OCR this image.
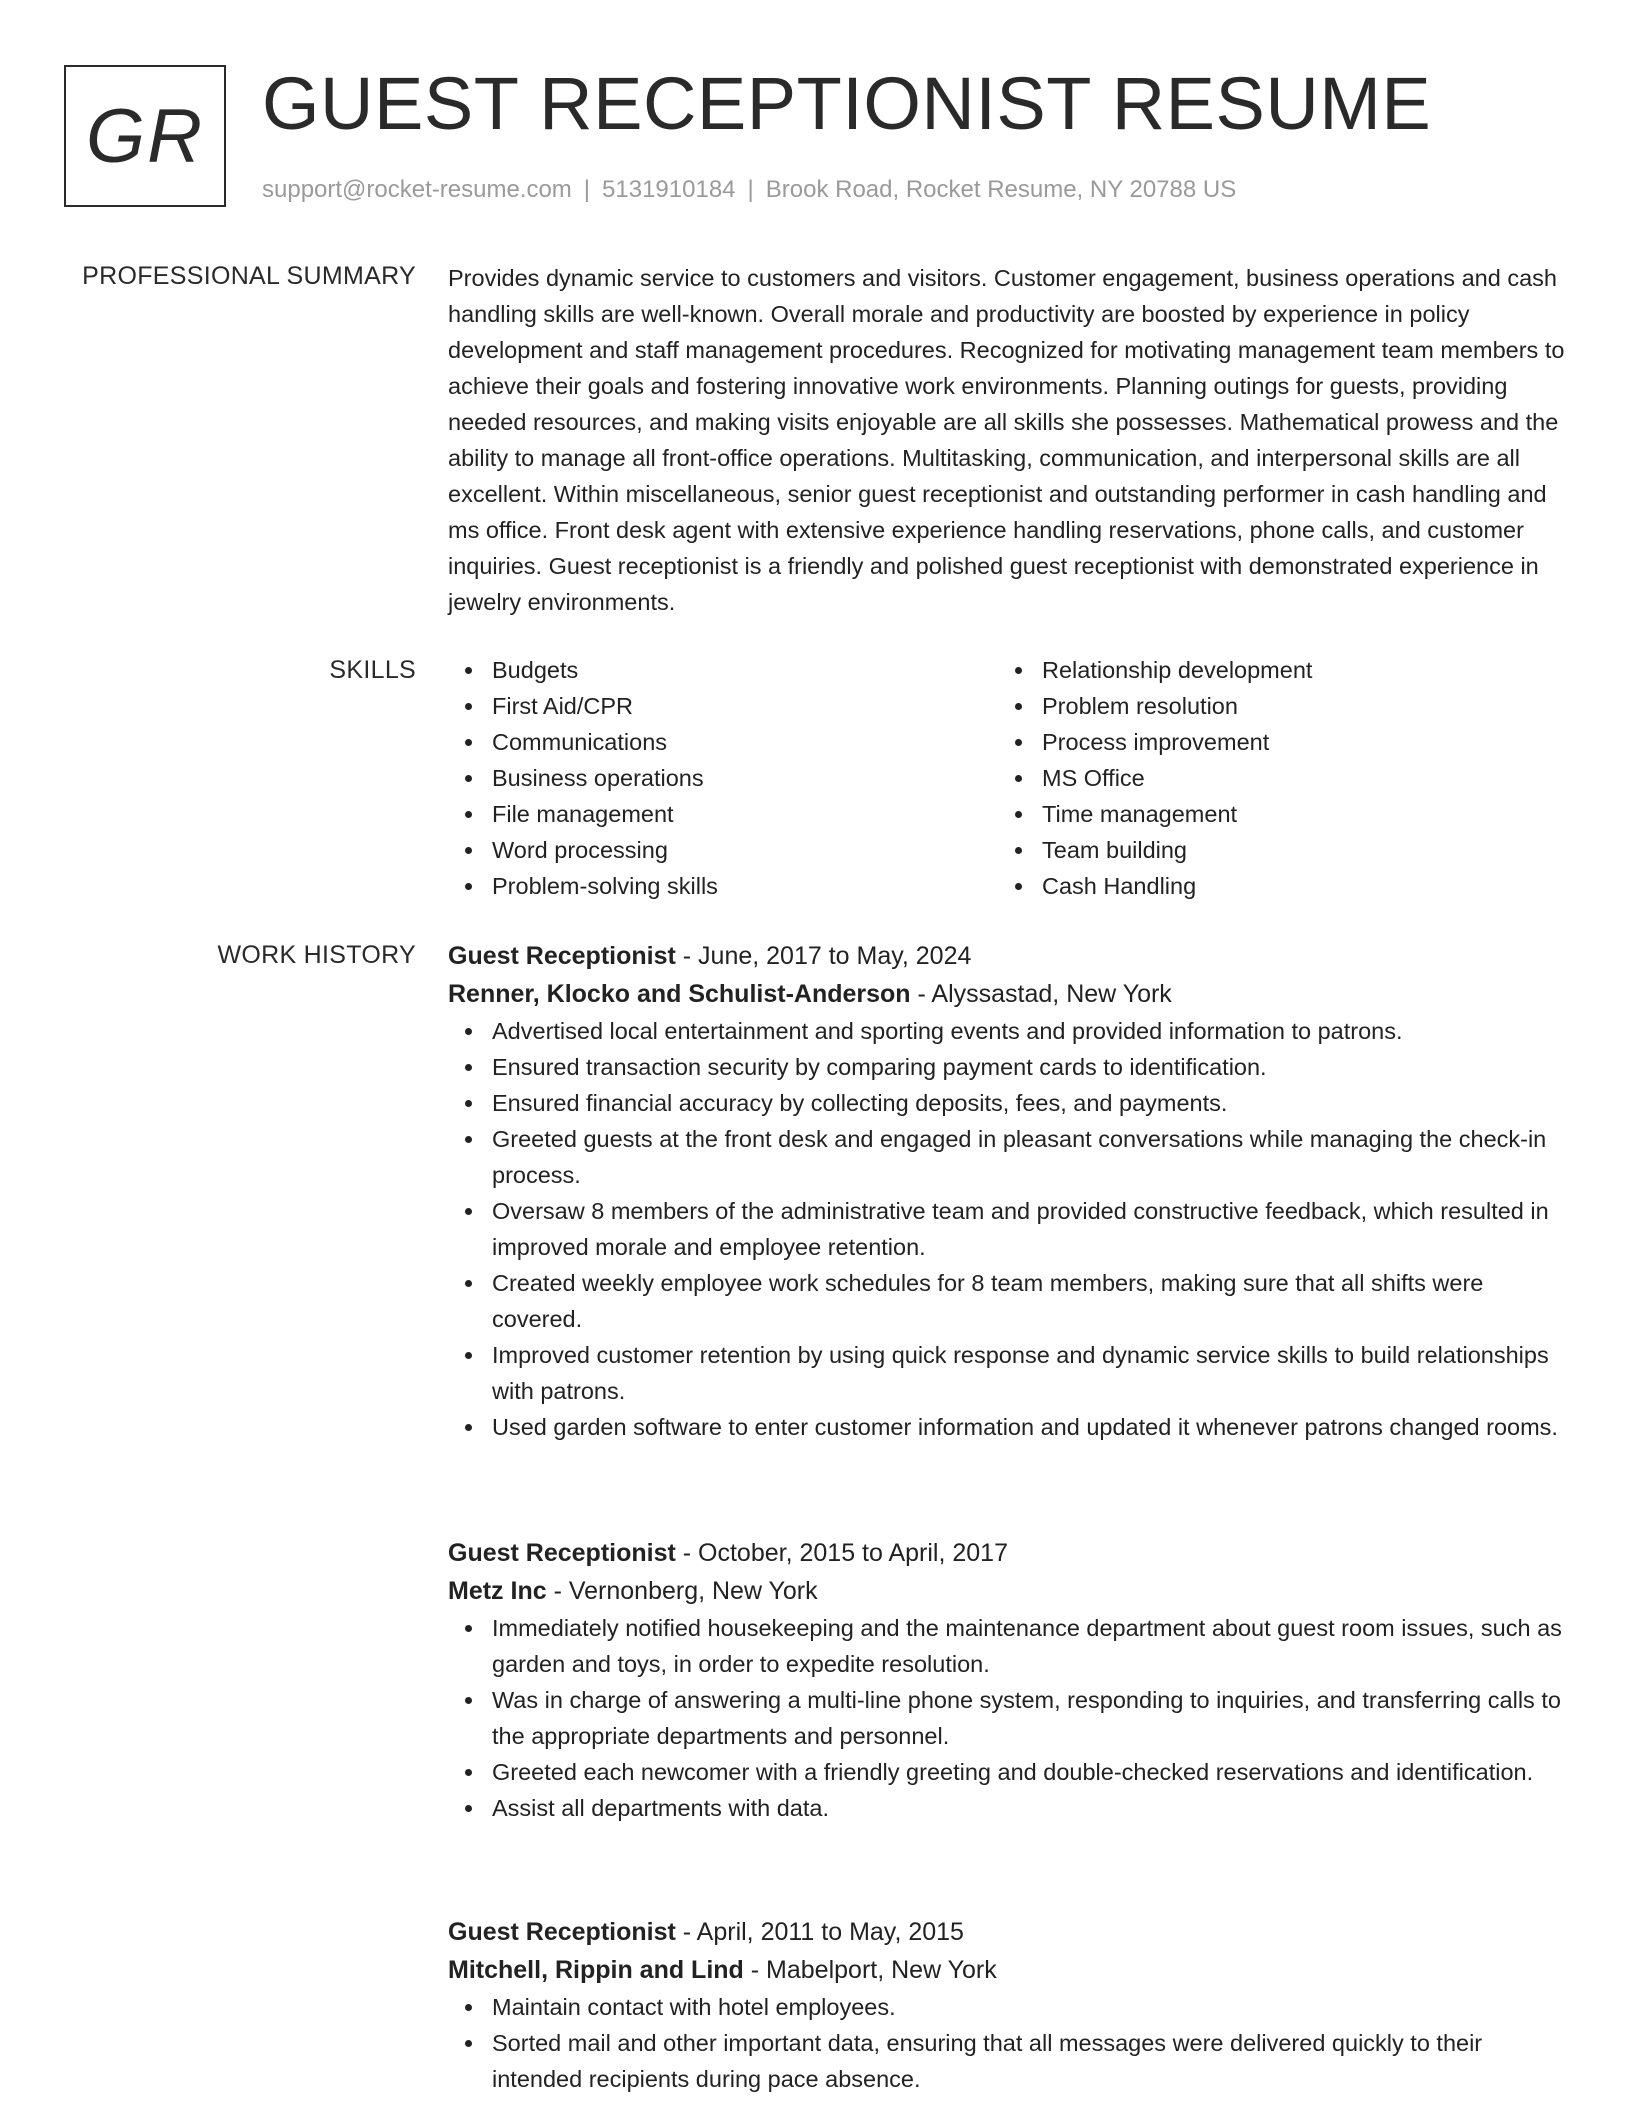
GR GUEST RECEPTIONIST RESUME
support@rocket-resume.com | 5131910184 | Brook Road, Rocket Resume, NY 20788 US
PROFESSIONAL SUMMARY Provides dynamic service to customers and visitors. Customer engagement, business operations and cash handling skills are well-known. Overall morale and productivity are boosted by experience in policy development and staff management procedures. Recognized for motivating management team members to achieve their goals and fostering innovative work environments. Planning outings for guests, providing needed resources, and making visits enjoyable are all skills she possesses. Mathematical prowess and the ability to manage all front-office operations. Multitasking, communication, and interpersonal skills are all excellent. Within miscellaneous, senior guest receptionist and outstanding performer in cash handling and ms office. Front desk agent with extensive experience handling reservations, phone calls, and customer inquiries. Guest receptionist is a friendly and polished guest receptionist with demonstrated experience in jewelry environments.
SKILLS	Budgets
First Aid/CPR
Communications
Business operations
File management
Word processing
Problem-solving skills
Relationship development
Problem resolution
Process improvement
MS Office
Time management
Team building
Cash Handling
WORK HISTORY Guest Receptionist - June, 2017 to May, 2024
Renner, Klocko and Schulist-Anderson - Alyssastad, New York
Advertised local entertainment and sporting events and provided information to patrons.
Ensured transaction security by comparing payment cards to identification.
Ensured financial accuracy by collecting deposits, fees, and payments.
Greeted guests at the front desk and engaged in pleasant conversations while managing the check-in process.
Oversaw 8 members of the administrative team and provided constructive feedback, which resulted in improved morale and employee retention.
Created weekly employee work schedules for 8 team members, making sure that all shifts were covered.
Improved customer retention by using quick response and dynamic service skills to build relationships with patrons.
Used garden software to enter customer information and updated it whenever patrons changed rooms.
Guest Receptionist - October, 2015 to April, 2017
Metz Inc - Vernonberg, New York
Immediately notified housekeeping and the maintenance department about guest room issues, such as garden and toys, in order to expedite resolution.
Was in charge of answering a multi-line phone system, responding to inquiries, and transferring calls to the appropriate departments and personnel.
Greeted each newcomer with a friendly greeting and double-checked reservations and identification.
Assist all departments with data.
Guest Receptionist - April, 2011 to May, 2015
Mitchell, Rippin and Lind - Mabelport, New York
Maintain contact with hotel employees.
Sorted mail and other important data, ensuring that all messages were delivered quickly to their intended recipients during pace absence.
